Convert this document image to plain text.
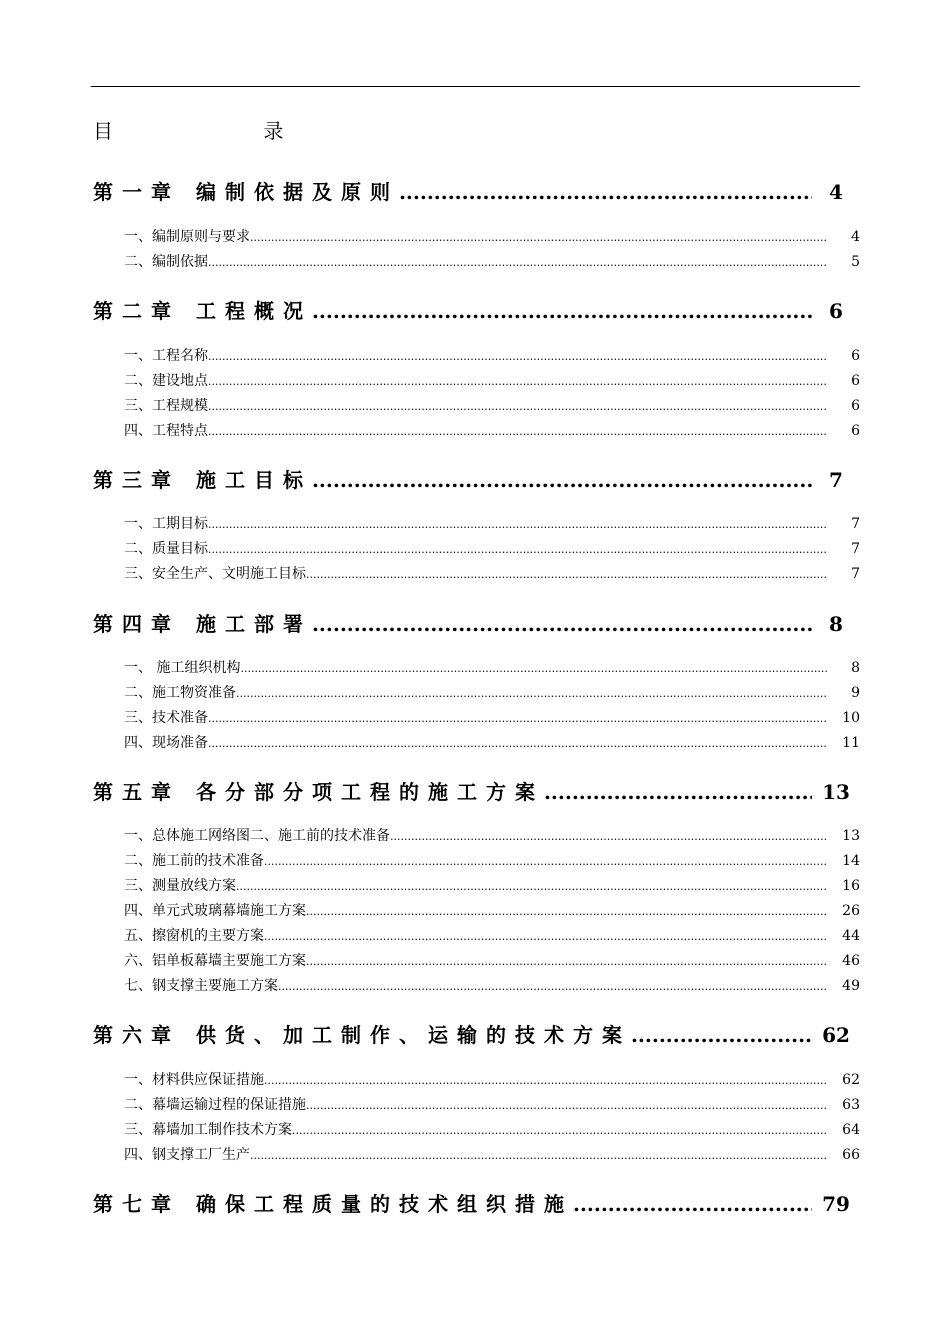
目 录
第一章 编制依据及原则 .....	4
一、编制原则与要求 .....	4
二、编制依据 .....	5
第二章 工程概况 .....	6
一、工程名称 .....	6
二、建设地点 .....	6
三、工程规模 .....	6
四、工程特点 .....	6
第三章 施工目标 .....	7
一、工期目标 .....	7
二、质量目标 .....	7
三、安全生产、文明施工目标 .....	7
第四章 施工部署 .....	8
一、 施工组织机构 .....	8
二、施工物资准备 .....	9
三、技术准备 .....	10
四、现场准备 .....	11
第五章 各分部分项工程的施工方案 .....	13
一、总体施工网络图二、施工前的技术准备 .....	13
二、施工前的技术准备 .....	14
三、测量放线方案 .....	16
四、单元式玻璃幕墙施工方案 .....	26
五、擦窗机的主要方案 .....	44
六、铝单板幕墙主要施工方案 .....	46
七、钢支撑主要施工方案 .....	49
第六章 供货、加工制作、运输的技术方案 .....	62
一、材料供应保证措施 .....	62
二、幕墙运输过程的保证措施 .....	63
三、幕墙加工制作技术方案 .....	64
四、钢支撑工厂生产 .....	66
第七章 确保工程质量的技术组织措施 .....	79
